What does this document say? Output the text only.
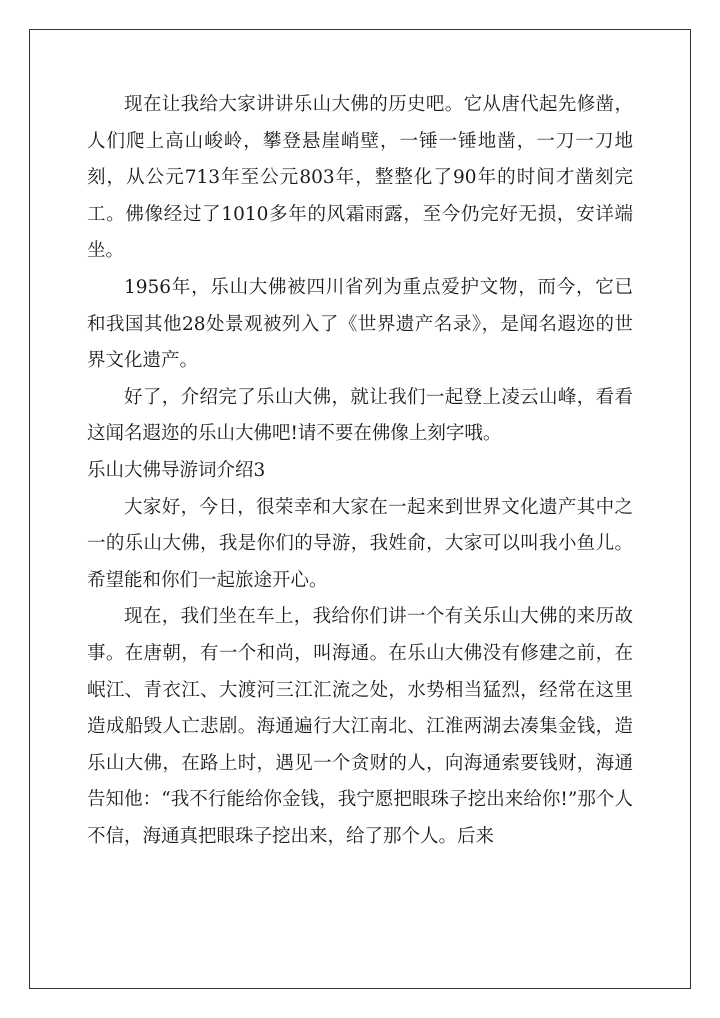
现在让我给大家讲讲乐山大佛的历史吧。它从唐代起先修凿，人们爬上高山峻岭，攀登悬崖峭壁，一锤一锤地凿，一刀一刀地刻，从公元713年至公元803年，整整化了90年的时间才凿刻完工。佛像经过了1010多年的风霜雨露，至今仍完好无损，安详端坐。

1956年，乐山大佛被四川省列为重点爱护文物，而今，它已和我国其他28处景观被列入了《世界遗产名录》，是闻名遐迩的世界文化遗产。

好了，介绍完了乐山大佛，就让我们一起登上凌云山峰，看看这闻名遐迩的乐山大佛吧!请不要在佛像上刻字哦。

乐山大佛导游词介绍3

大家好，今日，很荣幸和大家在一起来到世界文化遗产其中之一的乐山大佛，我是你们的导游，我姓俞，大家可以叫我小鱼儿。希望能和你们一起旅途开心。

现在，我们坐在车上，我给你们讲一个有关乐山大佛的来历故事。在唐朝，有一个和尚，叫海通。在乐山大佛没有修建之前，在岷江、青衣江、大渡河三江汇流之处，水势相当猛烈，经常在这里造成船毁人亡悲剧。海通遍行大江南北、江淮两湖去凑集金钱，造乐山大佛，在路上时，遇见一个贪财的人，向海通索要钱财，海通告知他：“我不行能给你金钱，我宁愿把眼珠子挖出来给你!”那个人不信，海通真把眼珠子挖出来，给了那个人。后来
